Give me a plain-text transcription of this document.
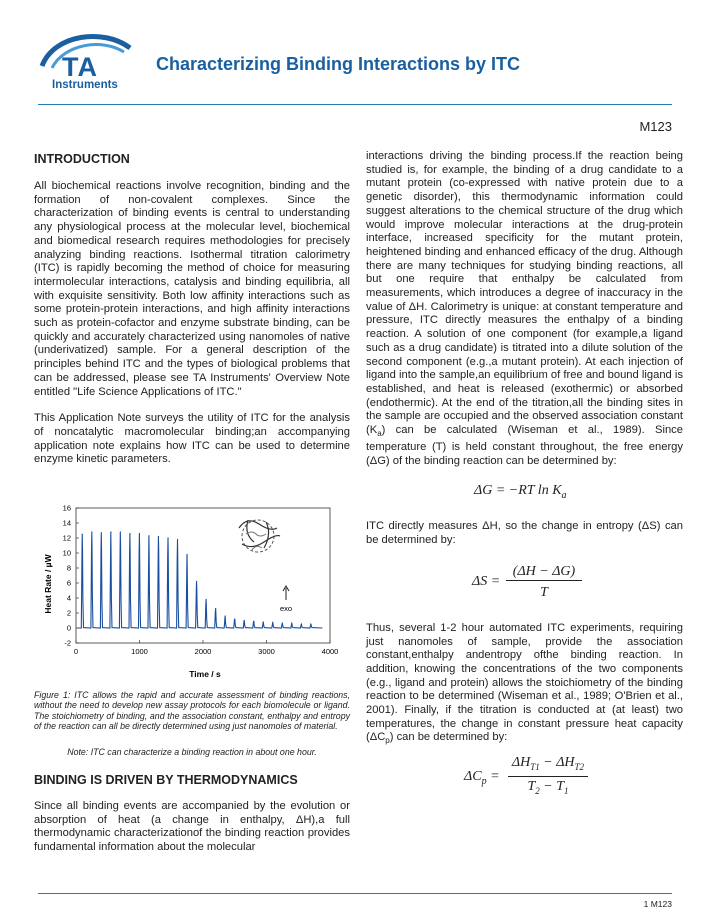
TA
Instruments
Characterizing Binding Interactions by ITC
M123
INTRODUCTION

All biochemical reactions involve recognition, binding and the formation of non-covalent complexes. Since the characterization of binding events is central to understanding any physiological process at the molecular level, biochemical and biomedical research requires methodologies for precisely analyzing binding reactions. Isothermal titration calorimetry (ITC) is rapidly becoming the method of choice for measuring intermolecular interactions, catalysis and binding equilibria, all with exquisite sensitivity. Both low affinity interactions such as some protein-protein interactions, and high affinity interactions such as protein-cofactor and enzyme substrate binding, can be quickly and accurately characterized using nanomoles of native (underivatized) sample. For a general description of the principles behind ITC and the types of biological problems that can be addressed, please see TA Instruments' Overview Note entitled "Life Science Applications of ITC."

This Application Note surveys the utility of ITC for the analysis of noncatalytic macromolecular binding;an accompanying application note explains how ITC can be used to determine enzyme kinetic parameters.

16
14
12
10
8
6
4
2
0
-2
0	1000	2000	3000	4000
Heat Rate / µW
Time / s
exo
Figure 1: ITC allows the rapid and accurate assessment of binding reactions, without the need to develop new assay protocols for each biomolecule or ligand. The stoichiometry of binding, and the association constant, enthalpy and entropy of the reaction can all be directly determined using just nanomoles of material.
Note: ITC can characterize a binding reaction in about one hour.
BINDING IS DRIVEN BY THERMODYNAMICS
Since all binding events are accompanied by the evolution or absorption of heat (a change in enthalpy, ΔH),a full thermodynamic characterizationof the binding reaction provides fundamental information about the molecular

interactions driving the binding process.If the reaction being studied is, for example, the binding of a drug candidate to a mutant protein (co-expressed with native protein due to a genetic disorder), this thermodynamic information could suggest alterations to the chemical structure of the drug which would improve molecular interactions at the drug-protein interface, increased specificity for the mutant protein, heightened binding and enhanced efficacy of the drug. Although there are many techniques for studying binding reactions, all but one require that enthalpy be calculated from measurements, which introduces a degree of inaccuracy in the value of ΔH. Calorimetry is unique: at constant temperature and pressure, ITC directly measures the enthalpy of a binding reaction. A solution of one component (for example,a ligand such as a drug candidate) is titrated into a dilute solution of the second component (e.g.,a mutant protein). At each injection of ligand into the sample,an equilibrium of free and bound ligand is established, and heat is released (exothermic) or absorbed (endothermic). At the end of the titration,all the binding sites in the sample are occupied and the observed association constant $(K_a)$ can be calculated (Wiseman et al., 1989). Since temperature (T) is held constant throughout, the free energy (ΔG) of the binding reaction can be determined by:

ΔG = −RT $\ln K_a$

ITC directly measures ΔH, so the change in entropy (ΔS) can be determined by:

ΔS =
(ΔH − ΔG)
T

Thus, several 1-2 hour automated ITC experiments, requiring just nanomoles of sample, provide the association constant,enthalpy andentropy ofthe binding reaction. In addition, knowing the concentrations of the two components (e.g., ligand and protein) allows the stoichiometry of the binding reaction to be determined (Wiseman et al., 1989; O'Brien et al., 2001). Finally, if the titration is conducted at (at least) two temperatures, the change in constant pressure heat capacity $(\Delta C_p)$ can be determined by:

$\Delta C_p$ =
$\Delta H_{T1} - \Delta H_{T2}$
$T_2 - T_1$
1 M123
